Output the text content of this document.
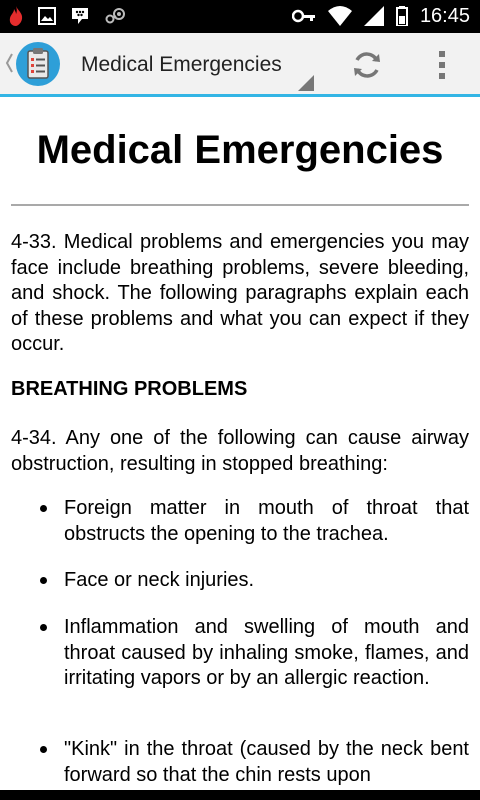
16:45
Medical Emergencies
Medical Emergencies

4-33. Medical problems and emergencies you may face include breathing problems, severe bleeding, and shock. The following paragraphs explain each of these problems and what you can expect if they occur.

BREATHING PROBLEMS

4-34. Any one of the following can cause airway obstruction, resulting in stopped breathing:

Foreign matter in mouth of throat that obstructs the opening to the trachea.
Face or neck injuries.
Inflammation and swelling of mouth and throat caused by inhaling smoke, flames, and irritating vapors or by an allergic reaction.
"Kink" in the throat (caused by the neck bent forward so that the chin rests upon
